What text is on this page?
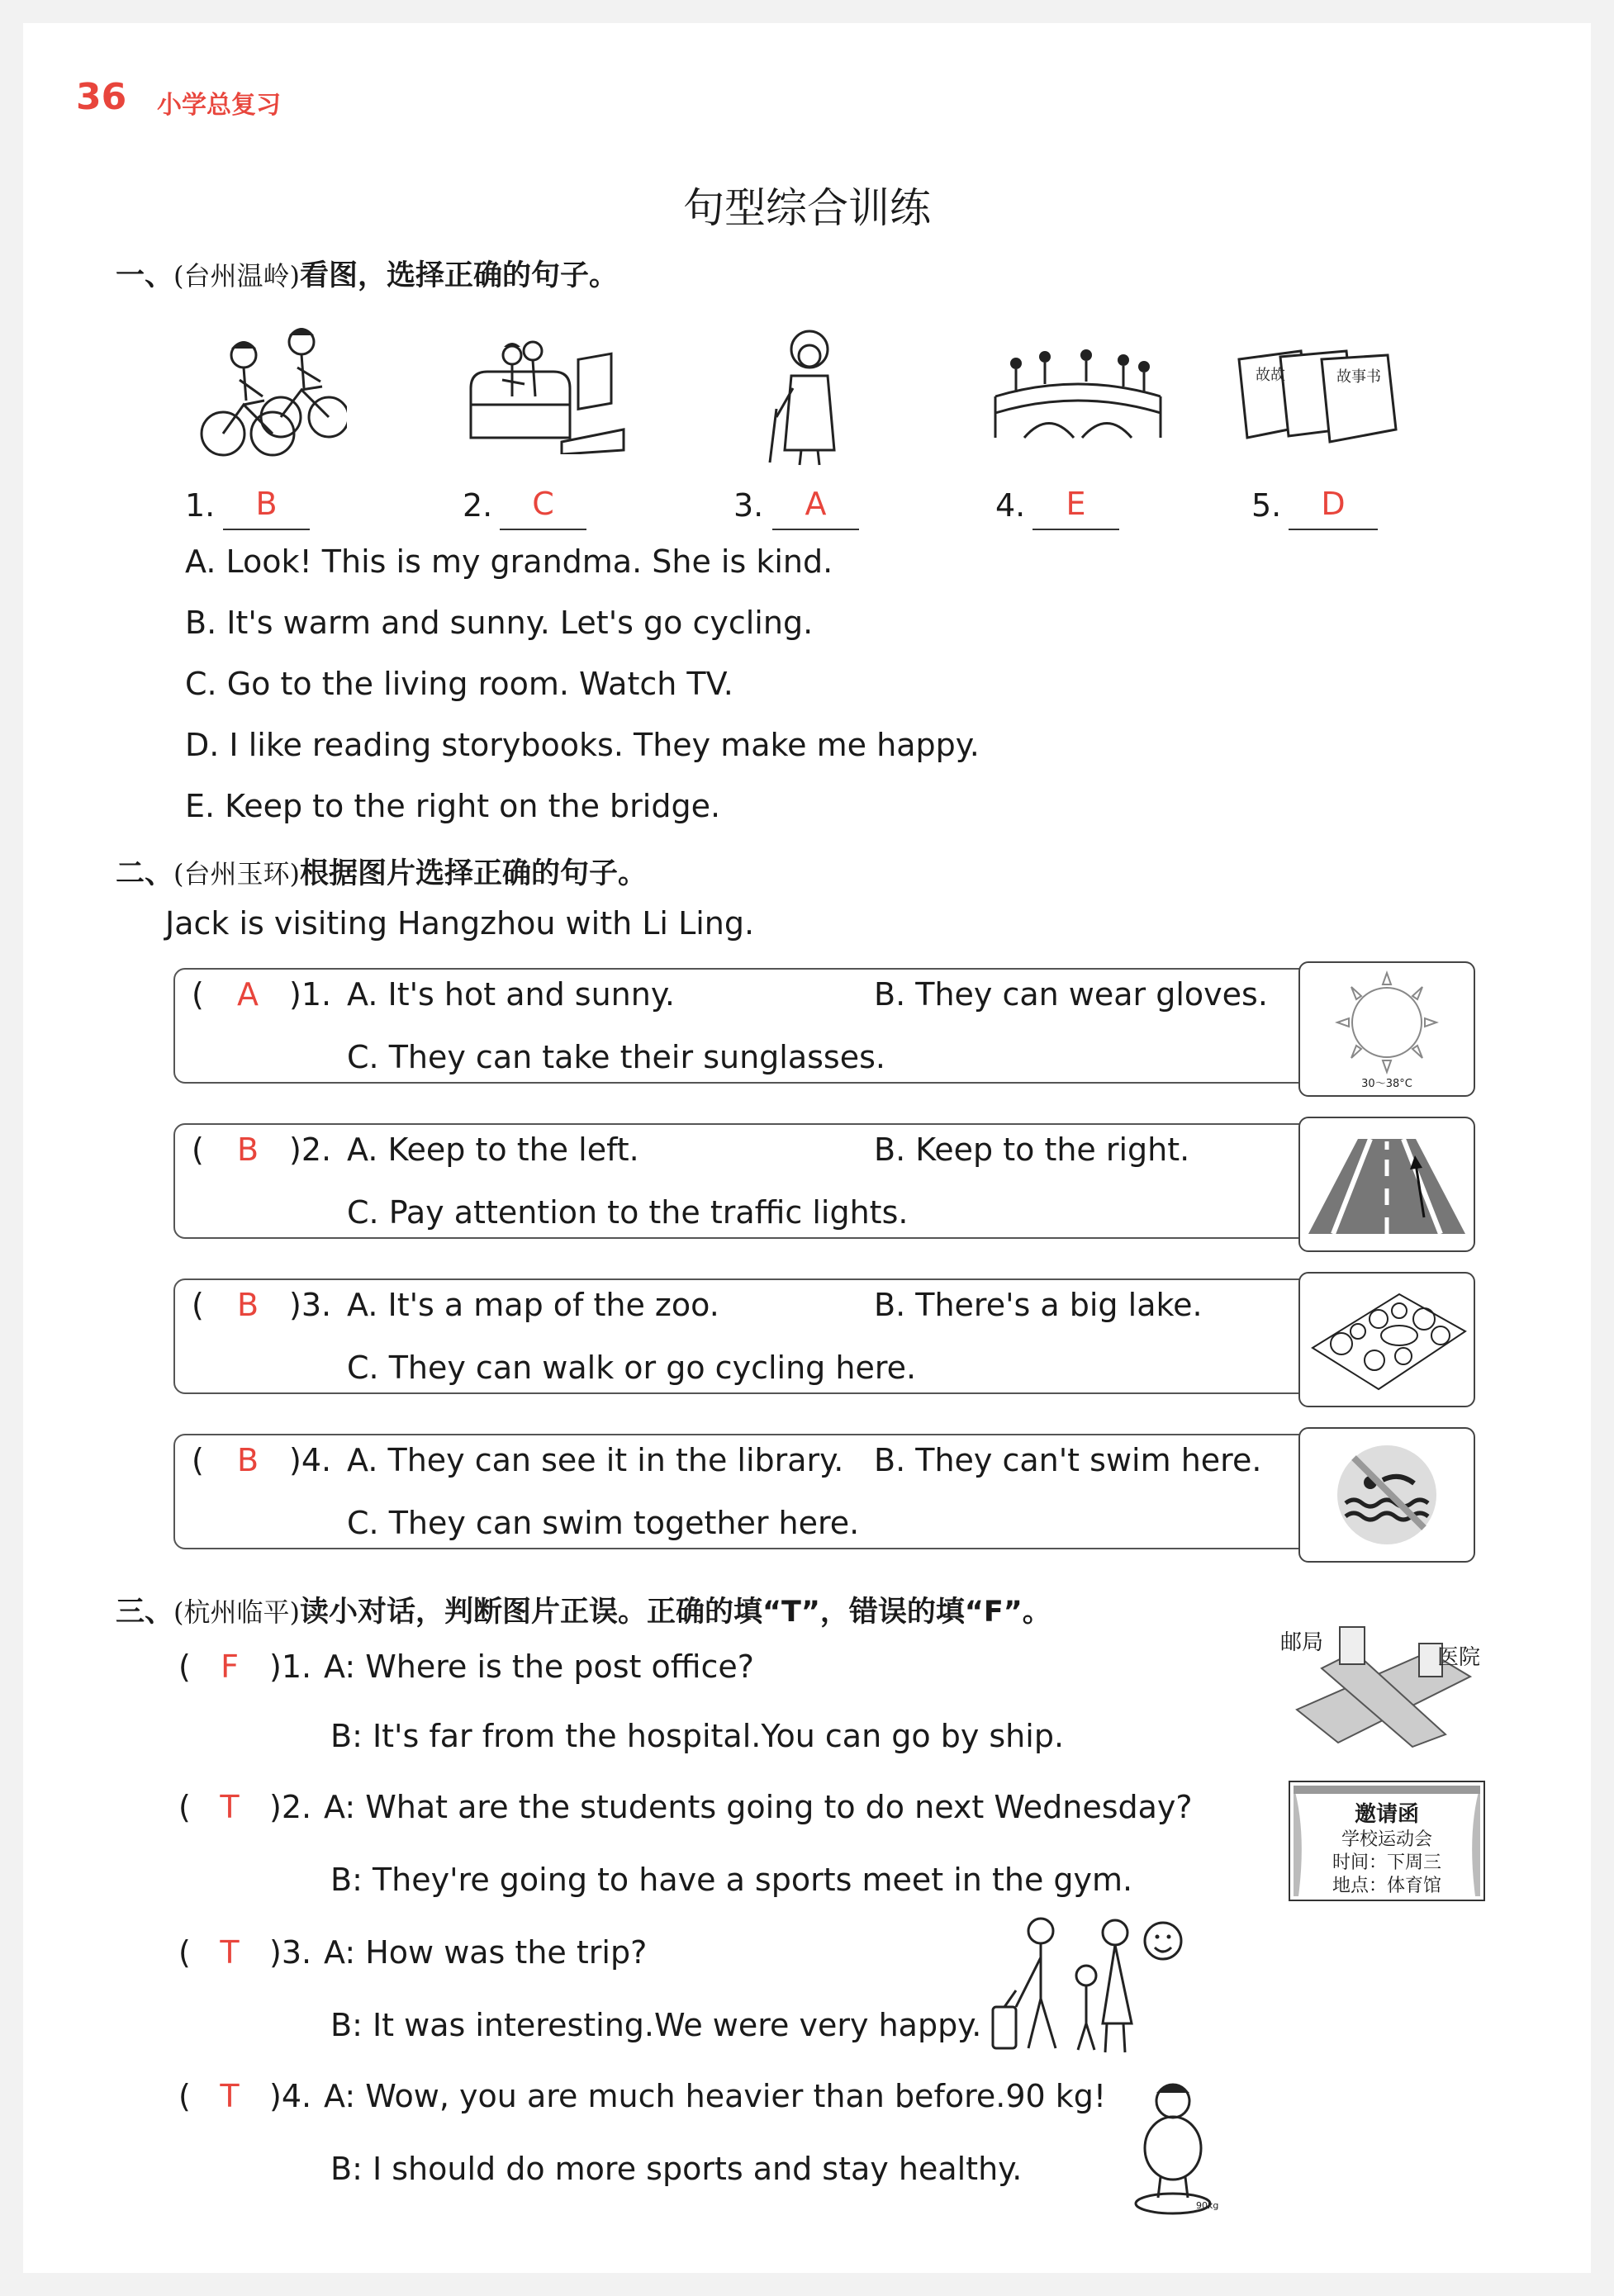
36 小学总复习
句型综合训练
一、(台州温岭)看图，选择正确的句子。
故故	故事书
1.	B	2.	C	3.	A	4.	E	5.	D
A. Look! This is my grandma. She is kind.
B. It's warm and sunny. Let's go cycling.
C. Go to the living room. Watch TV.
D. I like reading storybooks. They make me happy.
E. Keep to the right on the bridge.
二、(台州玉环)根据图片选择正确的句子。
Jack is visiting Hangzhou with Li Ling.
(	A )1. A. It's hot and sunny.	B. They can wear gloves.
C. They can take their sunglasses.
30～38°C
(	B )2. A. Keep to the left.	B. Keep to the right.
C. Pay attention to the traffic lights.
(	B )3. A. It's a map of the zoo.	B. There's a big lake.
C. They can walk or go cycling here.
(	B )4. A. They can see it in the library. B. They can't swim here.
C. They can swim together here.
三、(杭州临平)读小对话，判断图片正误。正确的填“T”，错误的填“F”。
( F )1. A: Where is the post office?
B: It's far from the hospital.You can go by ship.
( T )2. A: What are the students going to do next Wednesday?
B: They're going to have a sports meet in the gym.
( T )3. A: How was the trip?
B: It was interesting.We were very happy.
( T )4. A: Wow, you are much heavier than before.90 kg!
B: I should do more sports and stay healthy.
邮局
医院
邀请函
学校运动会
时间：下周三
地点：体育馆
90kg
